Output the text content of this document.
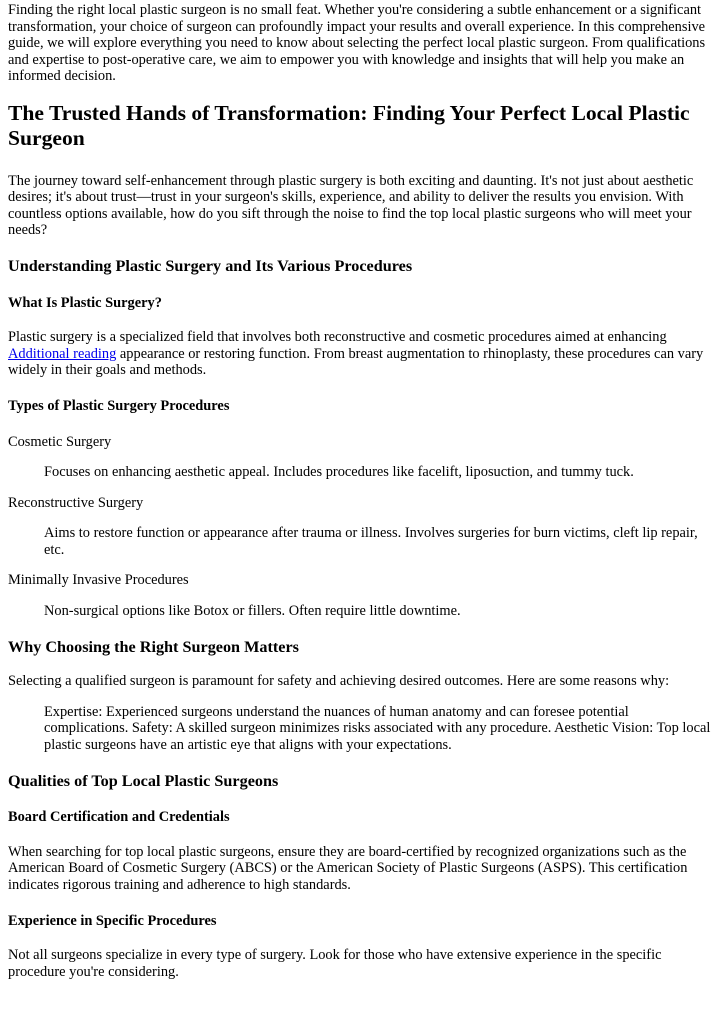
Finding the right local plastic surgeon is no small feat. Whether you're considering a subtle enhancement or a significant transformation, your choice of surgeon can profoundly impact your results and overall experience. In this comprehensive guide, we will explore everything you need to know about selecting the perfect local plastic surgeon. From qualifications and expertise to post-operative care, we aim to empower you with knowledge and insights that will help you make an informed decision.

The Trusted Hands of Transformation: Finding Your Perfect Local Plastic Surgeon

The journey toward self-enhancement through plastic surgery is both exciting and daunting. It's not just about aesthetic desires; it's about trust—trust in your surgeon's skills, experience, and ability to deliver the results you envision. With countless options available, how do you sift through the noise to find the top local plastic surgeons who will meet your needs?

Understanding Plastic Surgery and Its Various Procedures
What Is Plastic Surgery?

Plastic surgery is a specialized field that involves both reconstructive and cosmetic procedures aimed at enhancing Additional reading appearance or restoring function. From breast augmentation to rhinoplasty, these procedures can vary widely in their goals and methods.

Types of Plastic Surgery Procedures

Cosmetic Surgery

Focuses on enhancing aesthetic appeal. Includes procedures like facelift, liposuction, and tummy tuck.

Reconstructive Surgery

Aims to restore function or appearance after trauma or illness. Involves surgeries for burn victims, cleft lip repair, etc.

Minimally Invasive Procedures

Non-surgical options like Botox or fillers. Often require little downtime.

Why Choosing the Right Surgeon Matters

Selecting a qualified surgeon is paramount for safety and achieving desired outcomes. Here are some reasons why:

Expertise: Experienced surgeons understand the nuances of human anatomy and can foresee potential complications. Safety: A skilled surgeon minimizes risks associated with any procedure. Aesthetic Vision: Top local plastic surgeons have an artistic eye that aligns with your expectations.

Qualities of Top Local Plastic Surgeons
Board Certification and Credentials

When searching for top local plastic surgeons, ensure they are board-certified by recognized organizations such as the American Board of Cosmetic Surgery (ABCS) or the American Society of Plastic Surgeons (ASPS). This certification indicates rigorous training and adherence to high standards.

Experience in Specific Procedures

Not all surgeons specialize in every type of surgery. Look for those who have extensive experience in the specific procedure you're considering.
